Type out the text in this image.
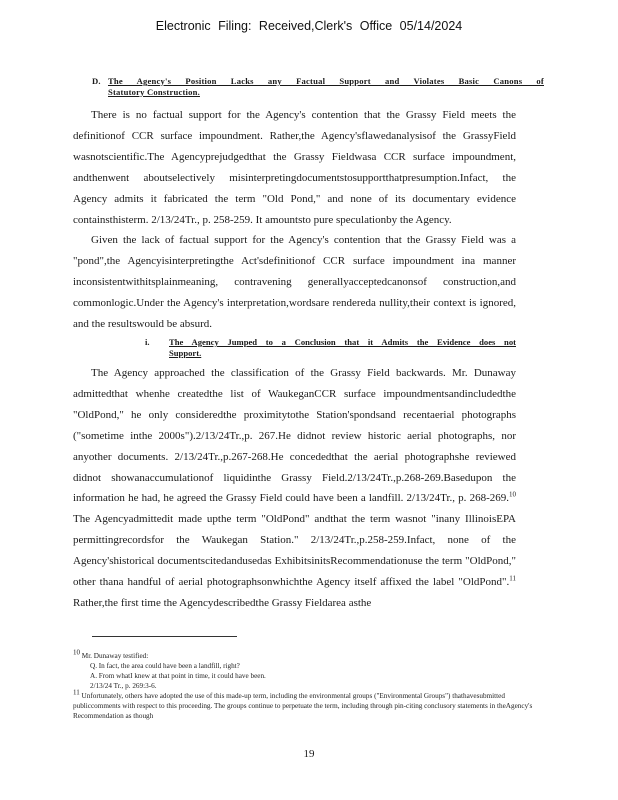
Electronic Filing: Received,Clerk's Office 05/14/2024
D. The Agency's Position Lacks any Factual Support and Violates Basic Canons of
Statutory Construction.

There is no factual support for the Agency's contention that the Grassy Field meets the definitionof CCR surface impoundment. Rather,the Agency'sflawedanalysisof the GrassyField wasnotscientific.The Agencyprejudgedthat the Grassy Fieldwasa CCR surface impoundment, andthenwent aboutselectively misinterpretingdocumentstosupportthatpresumption.Infact, the Agency admits it fabricated the term "Old Pond," and none of its documentary evidence containsthisterm. 2/13/24Tr., p. 258-259. It amountsto pure speculationby the Agency.

Given the lack of factual support for the Agency's contention that the Grassy Field was a "pond",the Agencyisinterpretingthe Act'sdefinitionof CCR surface impoundment ina manner inconsistentwithitsplainmeaning, contravening generallyacceptedcanonsof construction,and commonlogic.Under the Agency's interpretation,wordsare rendereda nullity,their context is ignored, and the resultswould be absurd.

i.	The Agency Jumped to a Conclusion that it Admits the Evidence does not
Support.

The Agency approached the classification of the Grassy Field backwards. Mr. Dunaway admittedthat whenhe createdthe list of WaukeganCCR surface impoundmentsandincludedthe "OldPond," he only consideredthe proximitytothe Station'spondsand recentaerial photographs ("sometime inthe 2000s").2/13/24Tr.,p. 267.He didnot review historic aerial photographs, nor anyother documents. 2/13/24Tr.,p.267-268.He concededthat the aerial photographshe reviewed didnot showanaccumulationof liquidinthe Grassy Field.2/13/24Tr.,p.268-269.Basedupon the information he had, he agreed the Grassy Field could have been a landfill. 2/13/24Tr., p. 268-269.10 The Agencyadmittedit made upthe term "OldPond" andthat the term wasnot "inany IllinoisEPA permittingrecordsfor the Waukegan Station." 2/13/24Tr.,p.258-259.Infact, none of the Agency'shistorical documentscitedandusedas ExhibitsinitsRecommendationuse the term "OldPond," other thana handful of aerial photographsonwhichthe Agency itself affixed the label "OldPond".$^{11}$ Rather,the first time the Agencydescribedthe Grassy Fieldarea asthe

10 Mr. Dunaway testified:
Q. In fact, the area could have been a landfill, right?
A. From whatI knew at that point in time, it could have been.
2/13/24 Tr., p. 269:3-6.
11 Unfortunately, others have adopted the use of this made-up term, including the environmental groups ("Environmental Groups") thathavesubmitted publiccomments with respect to this proceeding. The groups continue to perpetuate the term, including through pin-citing conclusory statements in theAgency's Recommendation as though
19
